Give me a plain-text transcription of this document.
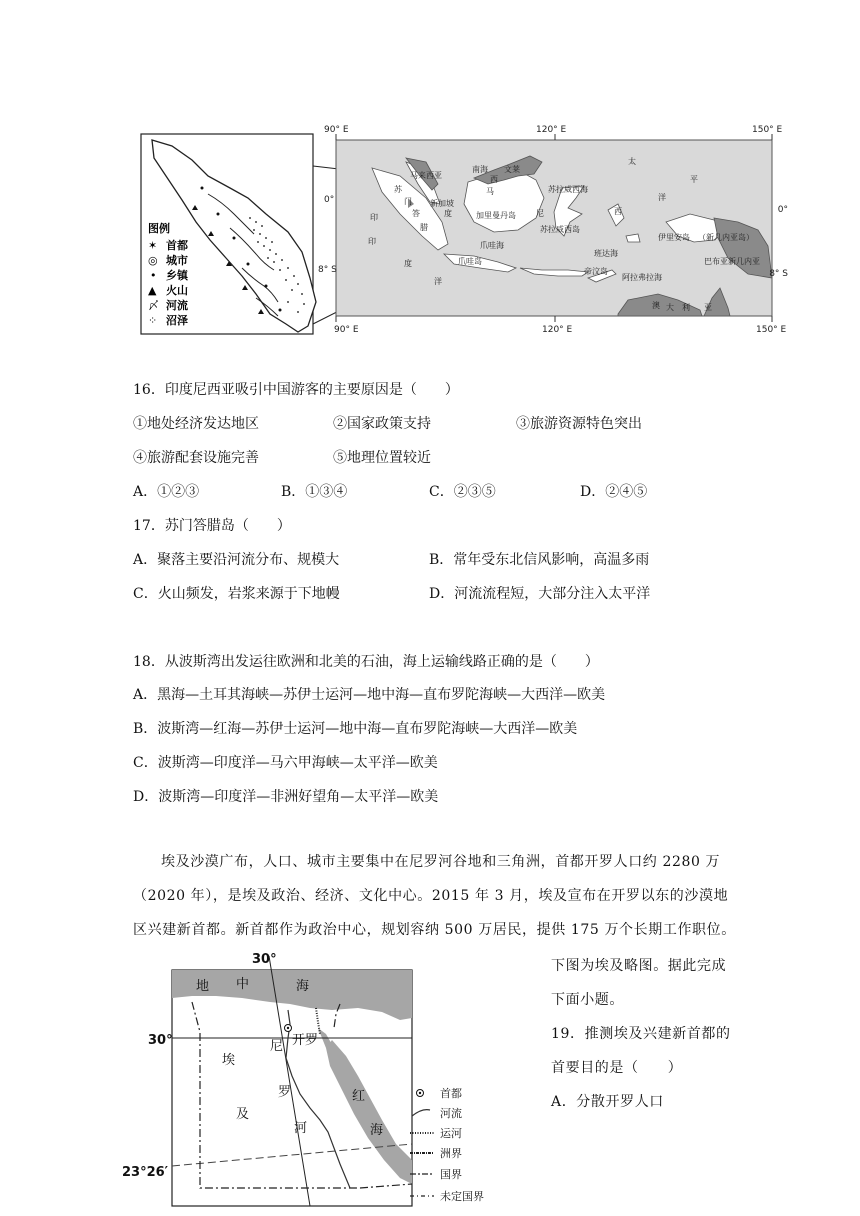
图例
✶
◎
•
▲
〆
⁘
首都
城市
乡镇
火山
河流
沼泽
90° E	120° E	150° E
90° E	120° E	150° E
0°
8° S
0°
8° S
马来西亚
南海 文莱
苏拉威西海
新加坡
马
西
加里曼丹岛
印	度	尼
苏
门
答
腊	苏拉威西岛
爪哇海
爪哇岛
班达海
帝汶岛
阿拉弗拉海
伊里安岛 （新几内亚岛）
巴布亚新几内亚
西
太
平
洋
印
度
洋
澳 大 利 亚
16．印度尼西亚吸引中国游客的主要原因是（　　）
①地处经济发达地区	②国家政策支持	③旅游资源特色突出
④旅游配套设施完善	⑤地理位置较近
A．①②③	B．①③④	C．②③⑤	D．②④⑤
17．苏门答腊岛（　　）
A．聚落主要沿河流分布、规模大	B．常年受东北信风影响，高温多雨
C．火山频发，岩浆来源于下地幔	D．河流流程短，大部分注入太平洋
18．从波斯湾出发运往欧洲和北美的石油，海上运输线路正确的是（　　）
A．黑海—土耳其海峡—苏伊士运河—地中海—直布罗陀海峡—大西洋—欧美
B．波斯湾—红海—苏伊士运河—地中海—直布罗陀海峡—大西洋—欧美
C．波斯湾—印度洋—马六甲海峡—太平洋—欧美
D．波斯湾—印度洋—非洲好望角—太平洋—欧美
埃及沙漠广布，人口、城市主要集中在尼罗河谷地和三角洲，首都开罗人口约 2280 万
（2020 年），是埃及政治、经济、文化中心。2015 年 3 月，埃及宣布在开罗以东的沙漠地
区兴建新首都。新首都作为政治中心，规划容纳 500 万居民，提供 175 万个长期工作职位。
下图为埃及略图。据此完成
下面小题。
19．推测埃及兴建新首都的
首要目的是（　　）
A．分散开罗人口
30°
30°
23°26′
地 中	海
埃
及
尼
罗
河
开罗
红
海
首都
河流
运河
洲界
国界
未定国界
